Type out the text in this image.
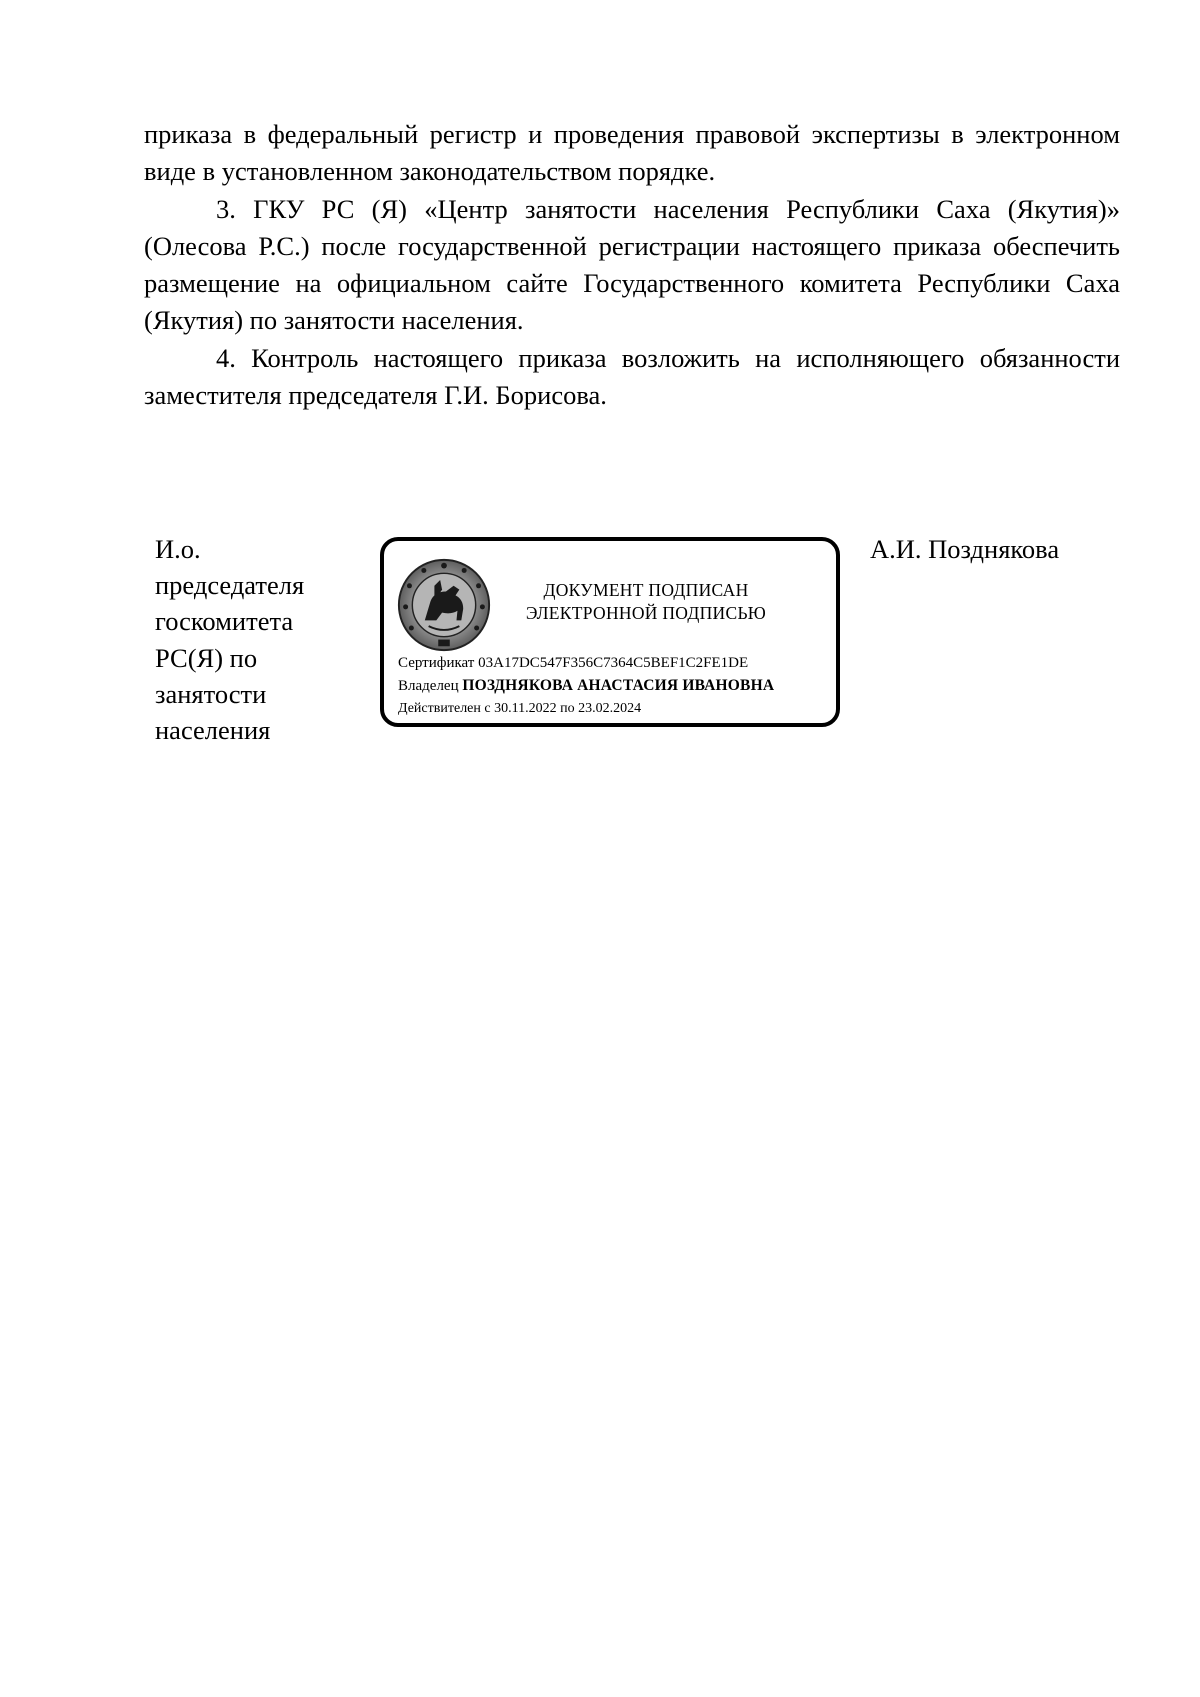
приказа в федеральный регистр и проведения правовой экспертизы в электронном виде в установленном законодательством порядке.

3. ГКУ РС (Я) «Центр занятости населения Республики Саха (Якутия)» (Олесова Р.С.) после государственной регистрации настоящего приказа обеспечить размещение на официальном сайте Государственного комитета Республики Саха (Якутия) по занятости населения.

4. Контроль настоящего приказа возложить на исполняющего обязанности заместителя председателя Г.И. Борисова.

И.о.
председателя
госкомитета
РС(Я) по
занятости
населения
ДОКУМЕНТ ПОДПИСАН
ЭЛЕКТРОННОЙ ПОДПИСЬЮ
Сертификат 03A17DC547F356C7364C5BEF1C2FE1DE
Владелец ПОЗДНЯКОВА АНАСТАСИЯ ИВАНОВНА
Действителен с 30.11.2022 по 23.02.2024
А.И. Позднякова
